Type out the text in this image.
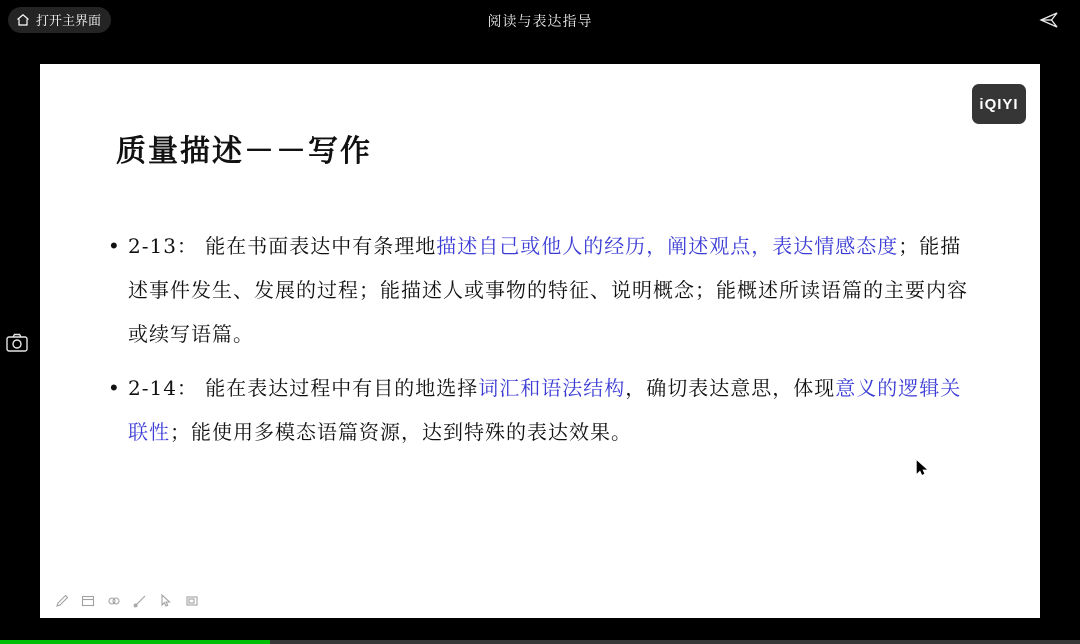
打开主界面	阅读与表达指导
iQIYI
质量描述－－写作
• 2-13： 能在书面表达中有条理地描述自己或他人的经历，阐述观点，表达情感态度；能描述事件发生、发展的过程；能描述人或事物的特征、说明概念；能概述所读语篇的主要内容或续写语篇。
• 2-14： 能在表达过程中有目的地选择词汇和语法结构，确切表达意思，体现意义的逻辑关联性；能使用多模态语篇资源，达到特殊的表达效果。
